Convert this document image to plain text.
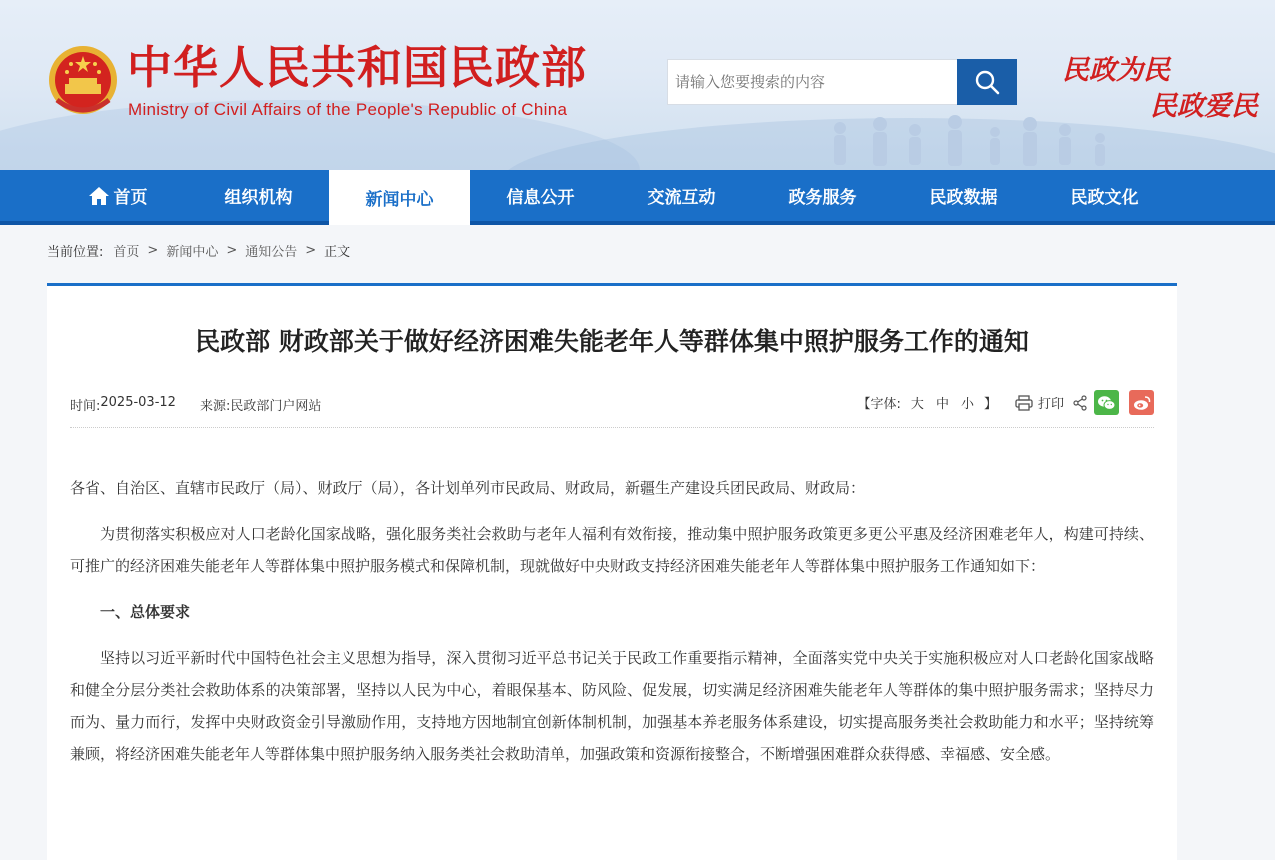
中华人民共和国民政部
Ministry of Civil Affairs of the People's Republic of China
请输入您要搜索的内容
民政为民
民政爱民
首页	组织机构	新闻中心	信息公开	交流互动	政务服务	民政数据	民政文化
当前位置: 首页 > 新闻中心 > 通知公告 > 正文
民政部 财政部关于做好经济困难失能老年人等群体集中照护服务工作的通知
时间: 2025-03-12 来源: 民政部门户网站	【字体: 大 中 小 】	打印

各省、自治区、直辖市民政厅（局）、财政厅（局），各计划单列市民政局、财政局，新疆生产建设兵团民政局、财政局：

为贯彻落实积极应对人口老龄化国家战略，强化服务类社会救助与老年人福利有效衔接，推动集中照护服务政策更多更公平惠及经济困难老年人，构建可持续、可推广的经济困难失能老年人等群体集中照护服务模式和保障机制，现就做好中央财政支持经济困难失能老年人等群体集中照护服务工作通知如下：

一、总体要求

坚持以习近平新时代中国特色社会主义思想为指导，深入贯彻习近平总书记关于民政工作重要指示精神，全面落实党中央关于实施积极应对人口老龄化国家战略和健全分层分类社会救助体系的决策部署，坚持以人民为中心，着眼保基本、防风险、促发展，切实满足经济困难失能老年人等群体的集中照护服务需求；坚持尽力而为、量力而行，发挥中央财政资金引导激励作用，支持地方因地制宜创新体制机制，加强基本养老服务体系建设，切实提高服务类社会救助能力和水平；坚持统筹兼顾，将经济困难失能老年人等群体集中照护服务纳入服务类社会救助清单，加强政策和资源衔接整合，不断增强困难群众获得感、幸福感、安全感。
